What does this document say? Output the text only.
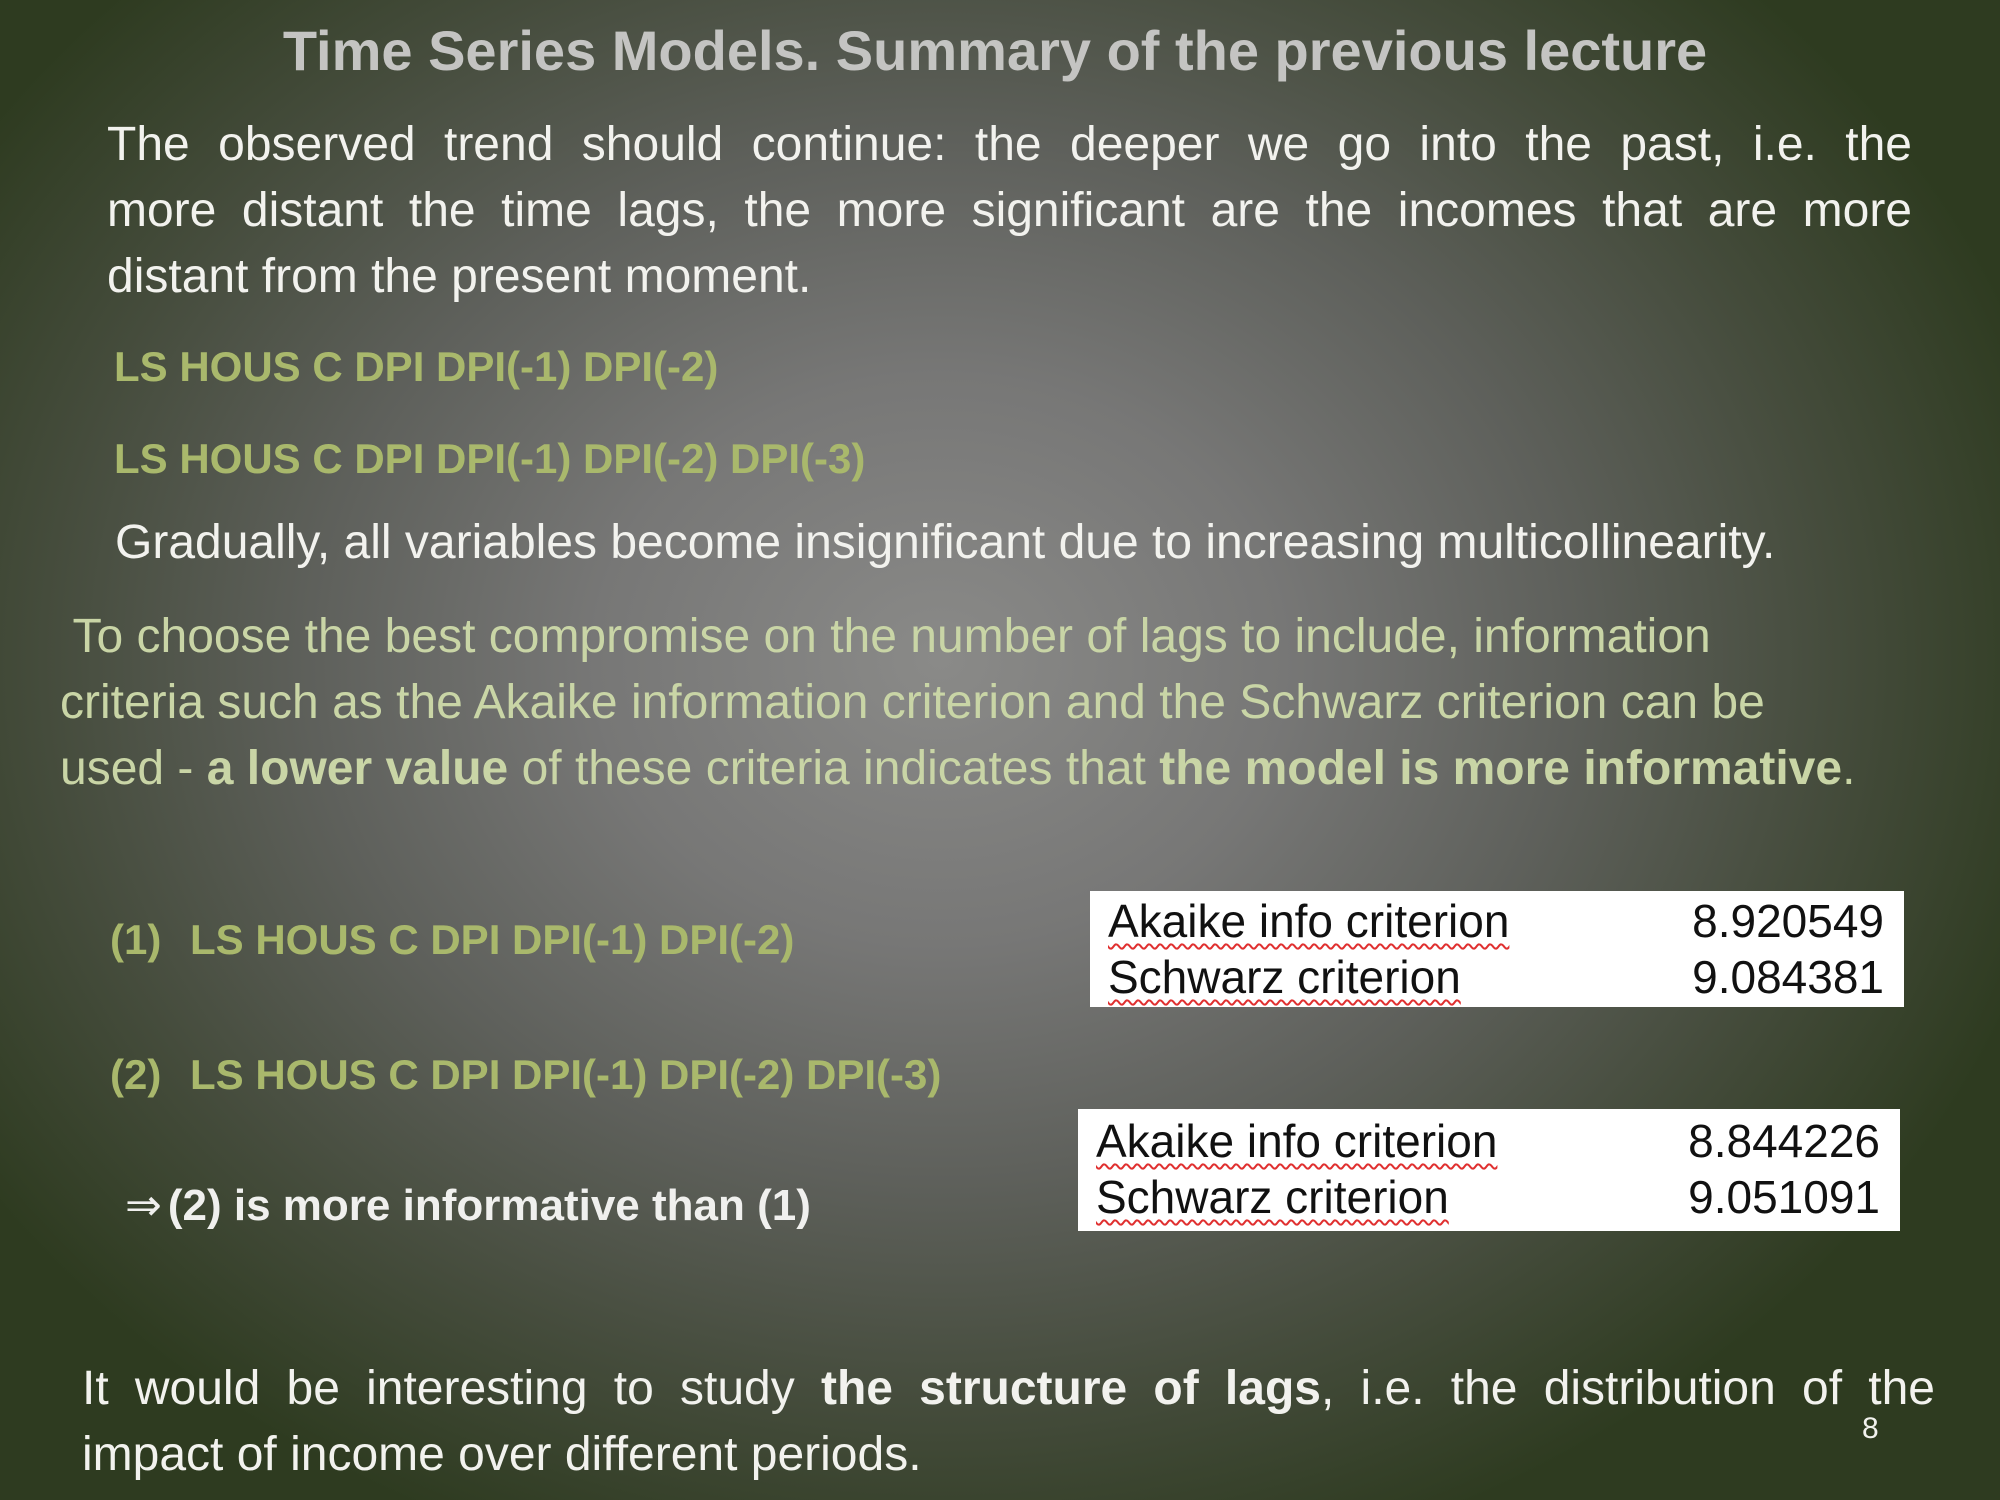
Time Series Models. Summary of the previous lecture
The observed trend should continue: the deeper we go into the past, i.e. the
more distant the time lags, the more significant are the incomes that are more
distant from the present moment.
LS HOUS C DPI DPI(-1) DPI(-2)
LS HOUS C DPI DPI(-1) DPI(-2) DPI(-3)
Gradually, all variables become insignificant due to increasing multicollinearity.
To choose the best compromise on the number of lags to include, information
criteria such as the Akaike information criterion and the Schwarz criterion can be
used - a lower value of these criteria indicates that the model is more informative.
(1) LS HOUS C DPI DPI(-1) DPI(-2)	Akaike info criterion	8.920549
Schwarz criterion	9.084381
(2) LS HOUS C DPI DPI(-1) DPI(-2) DPI(-3)
Akaike info criterion	8.844226
Schwarz criterion	9.051091
⇒ (2) is more informative than (1)
It would be interesting to study the structure of lags, i.e. the distribution of the
impact of income over different periods.	8
